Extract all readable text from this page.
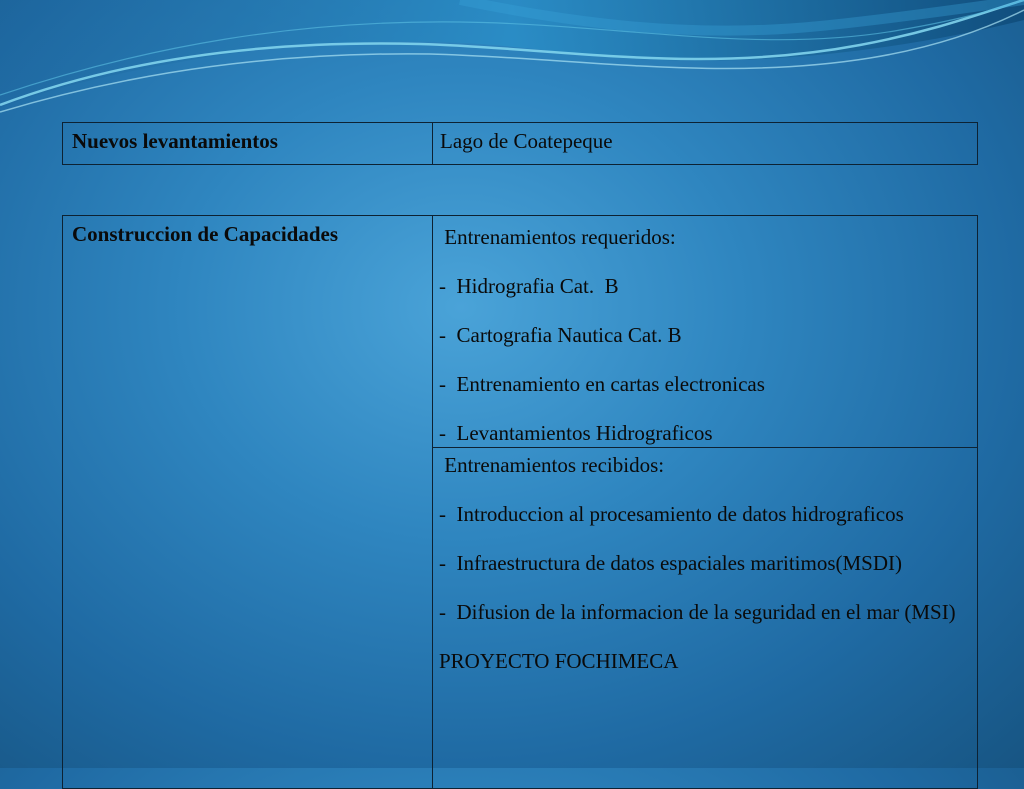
Nuevos levantamientos	Lago de Coatepeque
Construccion de Capacidades	Entrenamientos requeridos:
-  Hidrografia Cat.  B
-  Cartografia Nautica Cat. B
-  Entrenamiento en cartas electronicas
-  Levantamientos Hidrograficos

Entrenamientos recibidos:
-  Introduccion al procesamiento de datos hidrograficos
-  Infraestructura de datos espaciales maritimos(MSDI)
-  Difusion de la informacion de la seguridad en el mar (MSI)
PROYECTO FOCHIMECA
